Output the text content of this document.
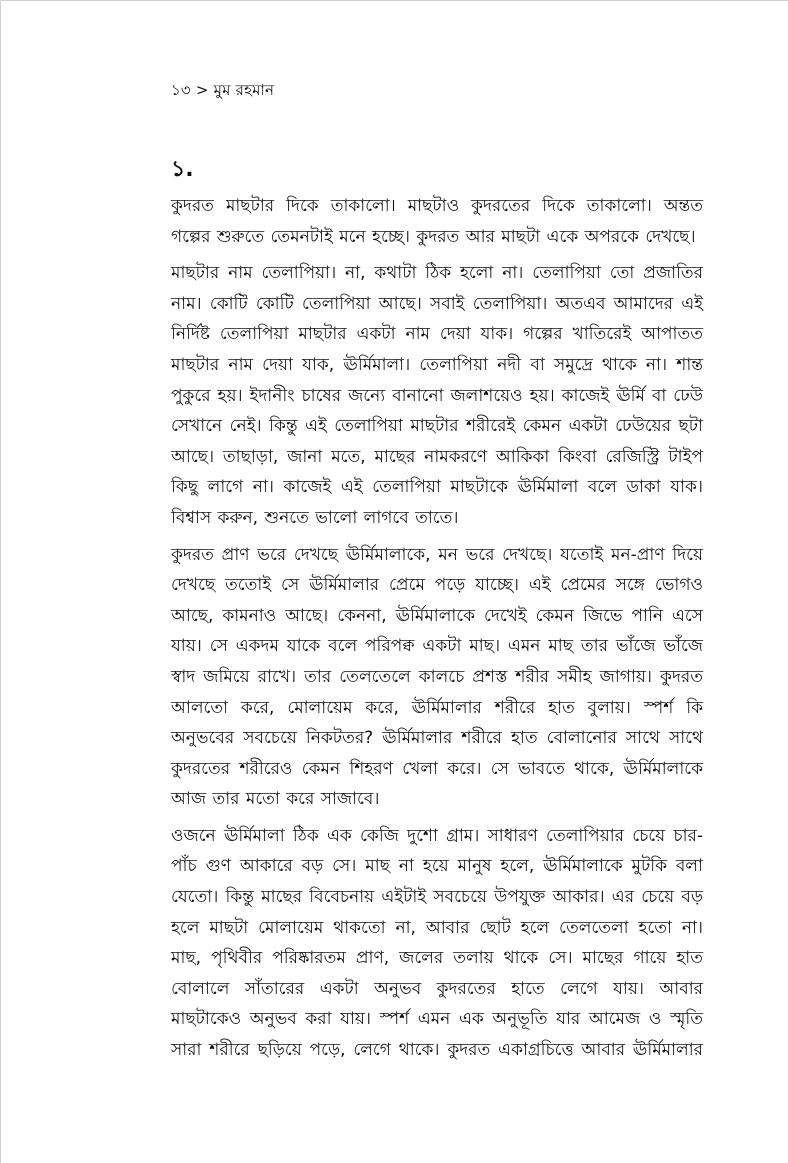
১৩ > মুম রহমান
১.

কুদরত মাছটার দিকে তাকালো। মাছটাও কুদরতের দিকে তাকালো। অন্তত গল্পের শুরুতে তেমনটাই মনে হচ্ছে। কুদরত আর মাছটা একে অপরকে দেখছে।

মাছটার নাম তেলাপিয়া। না, কথাটা ঠিক হলো না। তেলাপিয়া তো প্রজাতির নাম। কোটি কোটি তেলাপিয়া আছে। সবাই তেলাপিয়া। অতএব আমাদের এই নির্দিষ্ট তেলাপিয়া মাছটার একটা নাম দেয়া যাক। গল্পের খাতিরেই আপাতত মাছটার নাম দেয়া যাক, ঊর্মিমালা। তেলাপিয়া নদী বা সমুদ্রে থাকে না। শান্ত পুকুরে হয়। ইদানীং চাষের জন্যে বানানো জলাশয়েও হয়। কাজেই ঊর্মি বা ঢেউ সেখানে নেই। কিন্তু এই তেলাপিয়া মাছটার শরীরেই কেমন একটা ঢেউয়ের ছটা আছে। তাছাড়া, জানা মতে, মাছের নামকরণে আকিকা কিংবা রেজিস্ট্রি টাইপ কিছু লাগে না। কাজেই এই তেলাপিয়া মাছটাকে ঊর্মিমালা বলে ডাকা যাক। বিশ্বাস করুন, শুনতে ভালো লাগবে তাতে।

কুদরত প্রাণ ভরে দেখছে ঊর্মিমালাকে, মন ভরে দেখছে। যতোই মন-প্রাণ দিয়ে দেখছে ততোই সে ঊর্মিমালার প্রেমে পড়ে যাচ্ছে। এই প্রেমের সঙ্গে ভোগও আছে, কামনাও আছে। কেননা, ঊর্মিমালাকে দেখেই কেমন জিভে পানি এসে যায়। সে একদম যাকে বলে পরিপক্ব একটা মাছ। এমন মাছ তার ভাঁজে ভাঁজে স্বাদ জমিয়ে রাখে। তার তেলতেলে কালচে প্রশস্ত শরীর সমীহ জাগায়। কুদরত আলতো করে, মোলায়েম করে, ঊর্মিমালার শরীরে হাত বুলায়। স্পর্শ কি অনুভবের সবচেয়ে নিকটতর? ঊর্মিমালার শরীরে হাত বোলানোর সাথে সাথে কুদরতের শরীরেও কেমন শিহরণ খেলা করে। সে ভাবতে থাকে, ঊর্মিমালাকে আজ তার মতো করে সাজাবে।

ওজনে ঊর্মিমালা ঠিক এক কেজি দুশো গ্রাম। সাধারণ তেলাপিয়ার চেয়ে চার-পাঁচ গুণ আকারে বড় সে। মাছ না হয়ে মানুষ হলে, ঊর্মিমালাকে মুটকি বলা যেতো। কিন্তু মাছের বিবেচনায় এইটাই সবচেয়ে উপযুক্ত আকার। এর চেয়ে বড় হলে মাছটা মোলায়েম থাকতো না, আবার ছোট হলে তেলতেলা হতো না। মাছ, পৃথিবীর পরিষ্কারতম প্রাণ, জলের তলায় থাকে সে। মাছের গায়ে হাত বোলালে সাঁতারের একটা অনুভব কুদরতের হাতে লেগে যায়। আবার মাছটাকেও অনুভব করা যায়। স্পর্শ এমন এক অনুভূতি যার আমেজ ও স্মৃতি সারা শরীরে ছড়িয়ে পড়ে, লেগে থাকে। কুদরত একাগ্রচিত্তে আবার ঊর্মিমালার
